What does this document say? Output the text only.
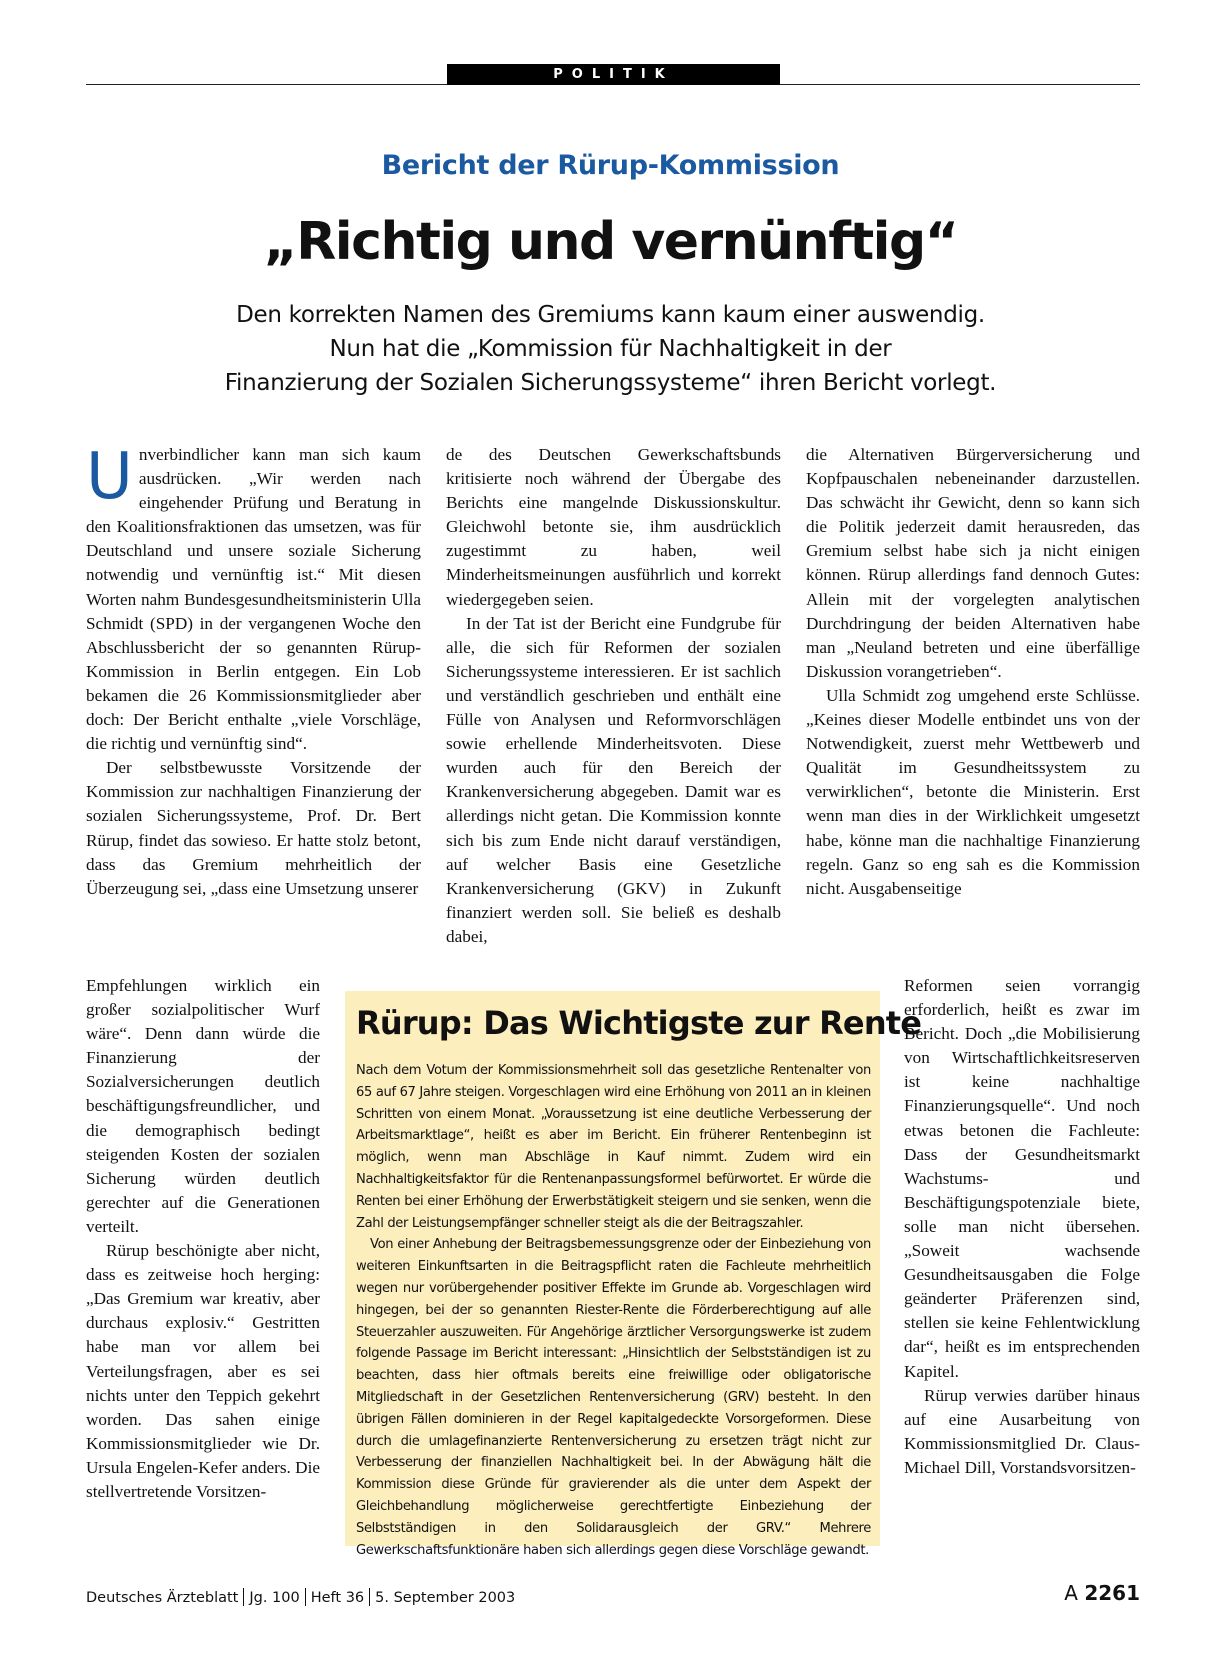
POLITIK
Bericht der Rürup-Kommission
„Richtig und vernünftig“
Den korrekten Namen des Gremiums kann kaum einer auswendig.
Nun hat die „Kommission für Nachhaltigkeit in der
Finanzierung der Sozialen Sicherungssysteme“ ihren Bericht vorlegt.

Unverbindlicher kann man sich kaum ausdrücken. „Wir werden nach eingehender Prüfung und Beratung in den Koalitionsfraktionen das umsetzen, was für Deutschland und unsere soziale Sicherung notwendig und vernünftig ist.“ Mit diesen Worten nahm Bundesgesundheitsministerin Ulla Schmidt (SPD) in der vergangenen Woche den Abschlussbericht der so genannten Rürup-Kommission in Berlin entgegen. Ein Lob bekamen die 26 Kommissionsmitglieder aber doch: Der Bericht enthalte „viele Vorschläge, die richtig und vernünftig sind“.

Der selbstbewusste Vorsitzende der Kommission zur nachhaltigen Finanzierung der sozialen Sicherungssysteme, Prof. Dr. Bert Rürup, findet das sowieso. Er hatte stolz betont, dass das Gremium mehrheitlich der Überzeugung sei, „dass eine Umsetzung unserer

Empfehlungen wirklich ein großer sozialpolitischer Wurf wäre“. Denn dann würde die Finanzierung der Sozialversicherungen deutlich beschäftigungsfreundlicher, und die demographisch bedingt steigenden Kosten der sozialen Sicherung würden deutlich gerechter auf die Generationen verteilt.

Rürup beschönigte aber nicht, dass es zeitweise hoch herging: „Das Gremium war kreativ, aber durchaus explosiv.“ Gestritten habe man vor allem bei Verteilungsfragen, aber es sei nichts unter den Teppich gekehrt worden. Das sahen einige Kommissionsmitglieder wie Dr. Ursula Engelen-Kefer anders. Die stellvertretende Vorsitzen-

de des Deutschen Gewerkschaftsbunds kritisierte noch während der Übergabe des Berichts eine mangelnde Diskussionskultur. Gleichwohl betonte sie, ihm ausdrücklich zugestimmt zu haben, weil Minderheitsmeinungen ausführlich und korrekt wiedergegeben seien.

In der Tat ist der Bericht eine Fundgrube für alle, die sich für Reformen der sozialen Sicherungssysteme interessieren. Er ist sachlich und verständlich geschrieben und enthält eine Fülle von Analysen und Reformvorschlägen sowie erhellende Minderheitsvoten. Diese wurden auch für den Bereich der Krankenversicherung abgegeben. Damit war es allerdings nicht getan. Die Kommission konnte sich bis zum Ende nicht darauf verständigen, auf welcher Basis eine Gesetzliche Krankenversicherung (GKV) in Zukunft finanziert werden soll. Sie beließ es deshalb dabei,

die Alternativen Bürgerversicherung und Kopfpauschalen nebeneinander darzustellen. Das schwächt ihr Gewicht, denn so kann sich die Politik jederzeit damit herausreden, das Gremium selbst habe sich ja nicht einigen können. Rürup allerdings fand dennoch Gutes: Allein mit der vorgelegten analytischen Durchdringung der beiden Alternativen habe man „Neuland betreten und eine überfällige Diskussion vorangetrieben“.

Ulla Schmidt zog umgehend erste Schlüsse. „Keines dieser Modelle entbindet uns von der Notwendigkeit, zuerst mehr Wettbewerb und Qualität im Gesundheitssystem zu verwirklichen“, betonte die Ministerin. Erst wenn man dies in der Wirklichkeit umgesetzt habe, könne man die nachhaltige Finanzierung regeln. Ganz so eng sah es die Kommission nicht. Ausgabenseitige

Reformen seien vorrangig erforderlich, heißt es zwar im Bericht. Doch „die Mobilisierung von Wirtschaftlichkeitsreserven ist keine nachhaltige Finanzierungsquelle“. Und noch etwas betonen die Fachleute: Dass der Gesundheitsmarkt Wachstums- und Beschäftigungspotenziale biete, solle man nicht übersehen. „Soweit wachsende Gesundheitsausgaben die Folge geänderter Präferenzen sind, stellen sie keine Fehlentwicklung dar“, heißt es im entsprechenden Kapitel.

Rürup verwies darüber hinaus auf eine Ausarbeitung von Kommissionsmitglied Dr. Claus-Michael Dill, Vorstandsvorsitzen-

Rürup: Das Wichtigste zur Rente

Nach dem Votum der Kommissionsmehrheit soll das gesetzliche Rentenalter von 65 auf 67 Jahre steigen. Vorgeschlagen wird eine Erhöhung von 2011 an in kleinen Schritten von einem Monat. „Voraussetzung ist eine deutliche Verbesserung der Arbeitsmarktlage“, heißt es aber im Bericht. Ein früherer Rentenbeginn ist möglich, wenn man Abschläge in Kauf nimmt. Zudem wird ein Nachhaltigkeitsfaktor für die Rentenanpassungsformel befürwortet. Er würde die Renten bei einer Erhöhung der Erwerbstätigkeit steigern und sie senken, wenn die Zahl der Leistungsempfänger schneller steigt als die der Beitragszahler.

Von einer Anhebung der Beitragsbemessungsgrenze oder der Einbeziehung von weiteren Einkunftsarten in die Beitragspflicht raten die Fachleute mehrheitlich wegen nur vorübergehender positiver Effekte im Grunde ab. Vorgeschlagen wird hingegen, bei der so genannten Riester-Rente die Förderberechtigung auf alle Steuerzahler auszuweiten. Für Angehörige ärztlicher Versorgungswerke ist zudem folgende Passage im Bericht interessant: „Hinsichtlich der Selbstständigen ist zu beachten, dass hier oftmals bereits eine freiwillige oder obligatorische Mitgliedschaft in der Gesetzlichen Rentenversicherung (GRV) besteht. In den übrigen Fällen dominieren in der Regel kapitalgedeckte Vorsorgeformen. Diese durch die umlagefinanzierte Rentenversicherung zu ersetzen trägt nicht zur Verbesserung der finanziellen Nachhaltigkeit bei. In der Abwägung hält die Kommission diese Gründe für gravierender als die unter dem Aspekt der Gleichbehandlung möglicherweise gerechtfertigte Einbeziehung der Selbstständigen in den Solidarausgleich der GRV.“ Mehrere Gewerkschaftsfunktionäre haben sich allerdings gegen diese Vorschläge gewandt.

Deutsches Ärzteblatt Jg. 100 Heft 36 5. September 2003	A 2261
